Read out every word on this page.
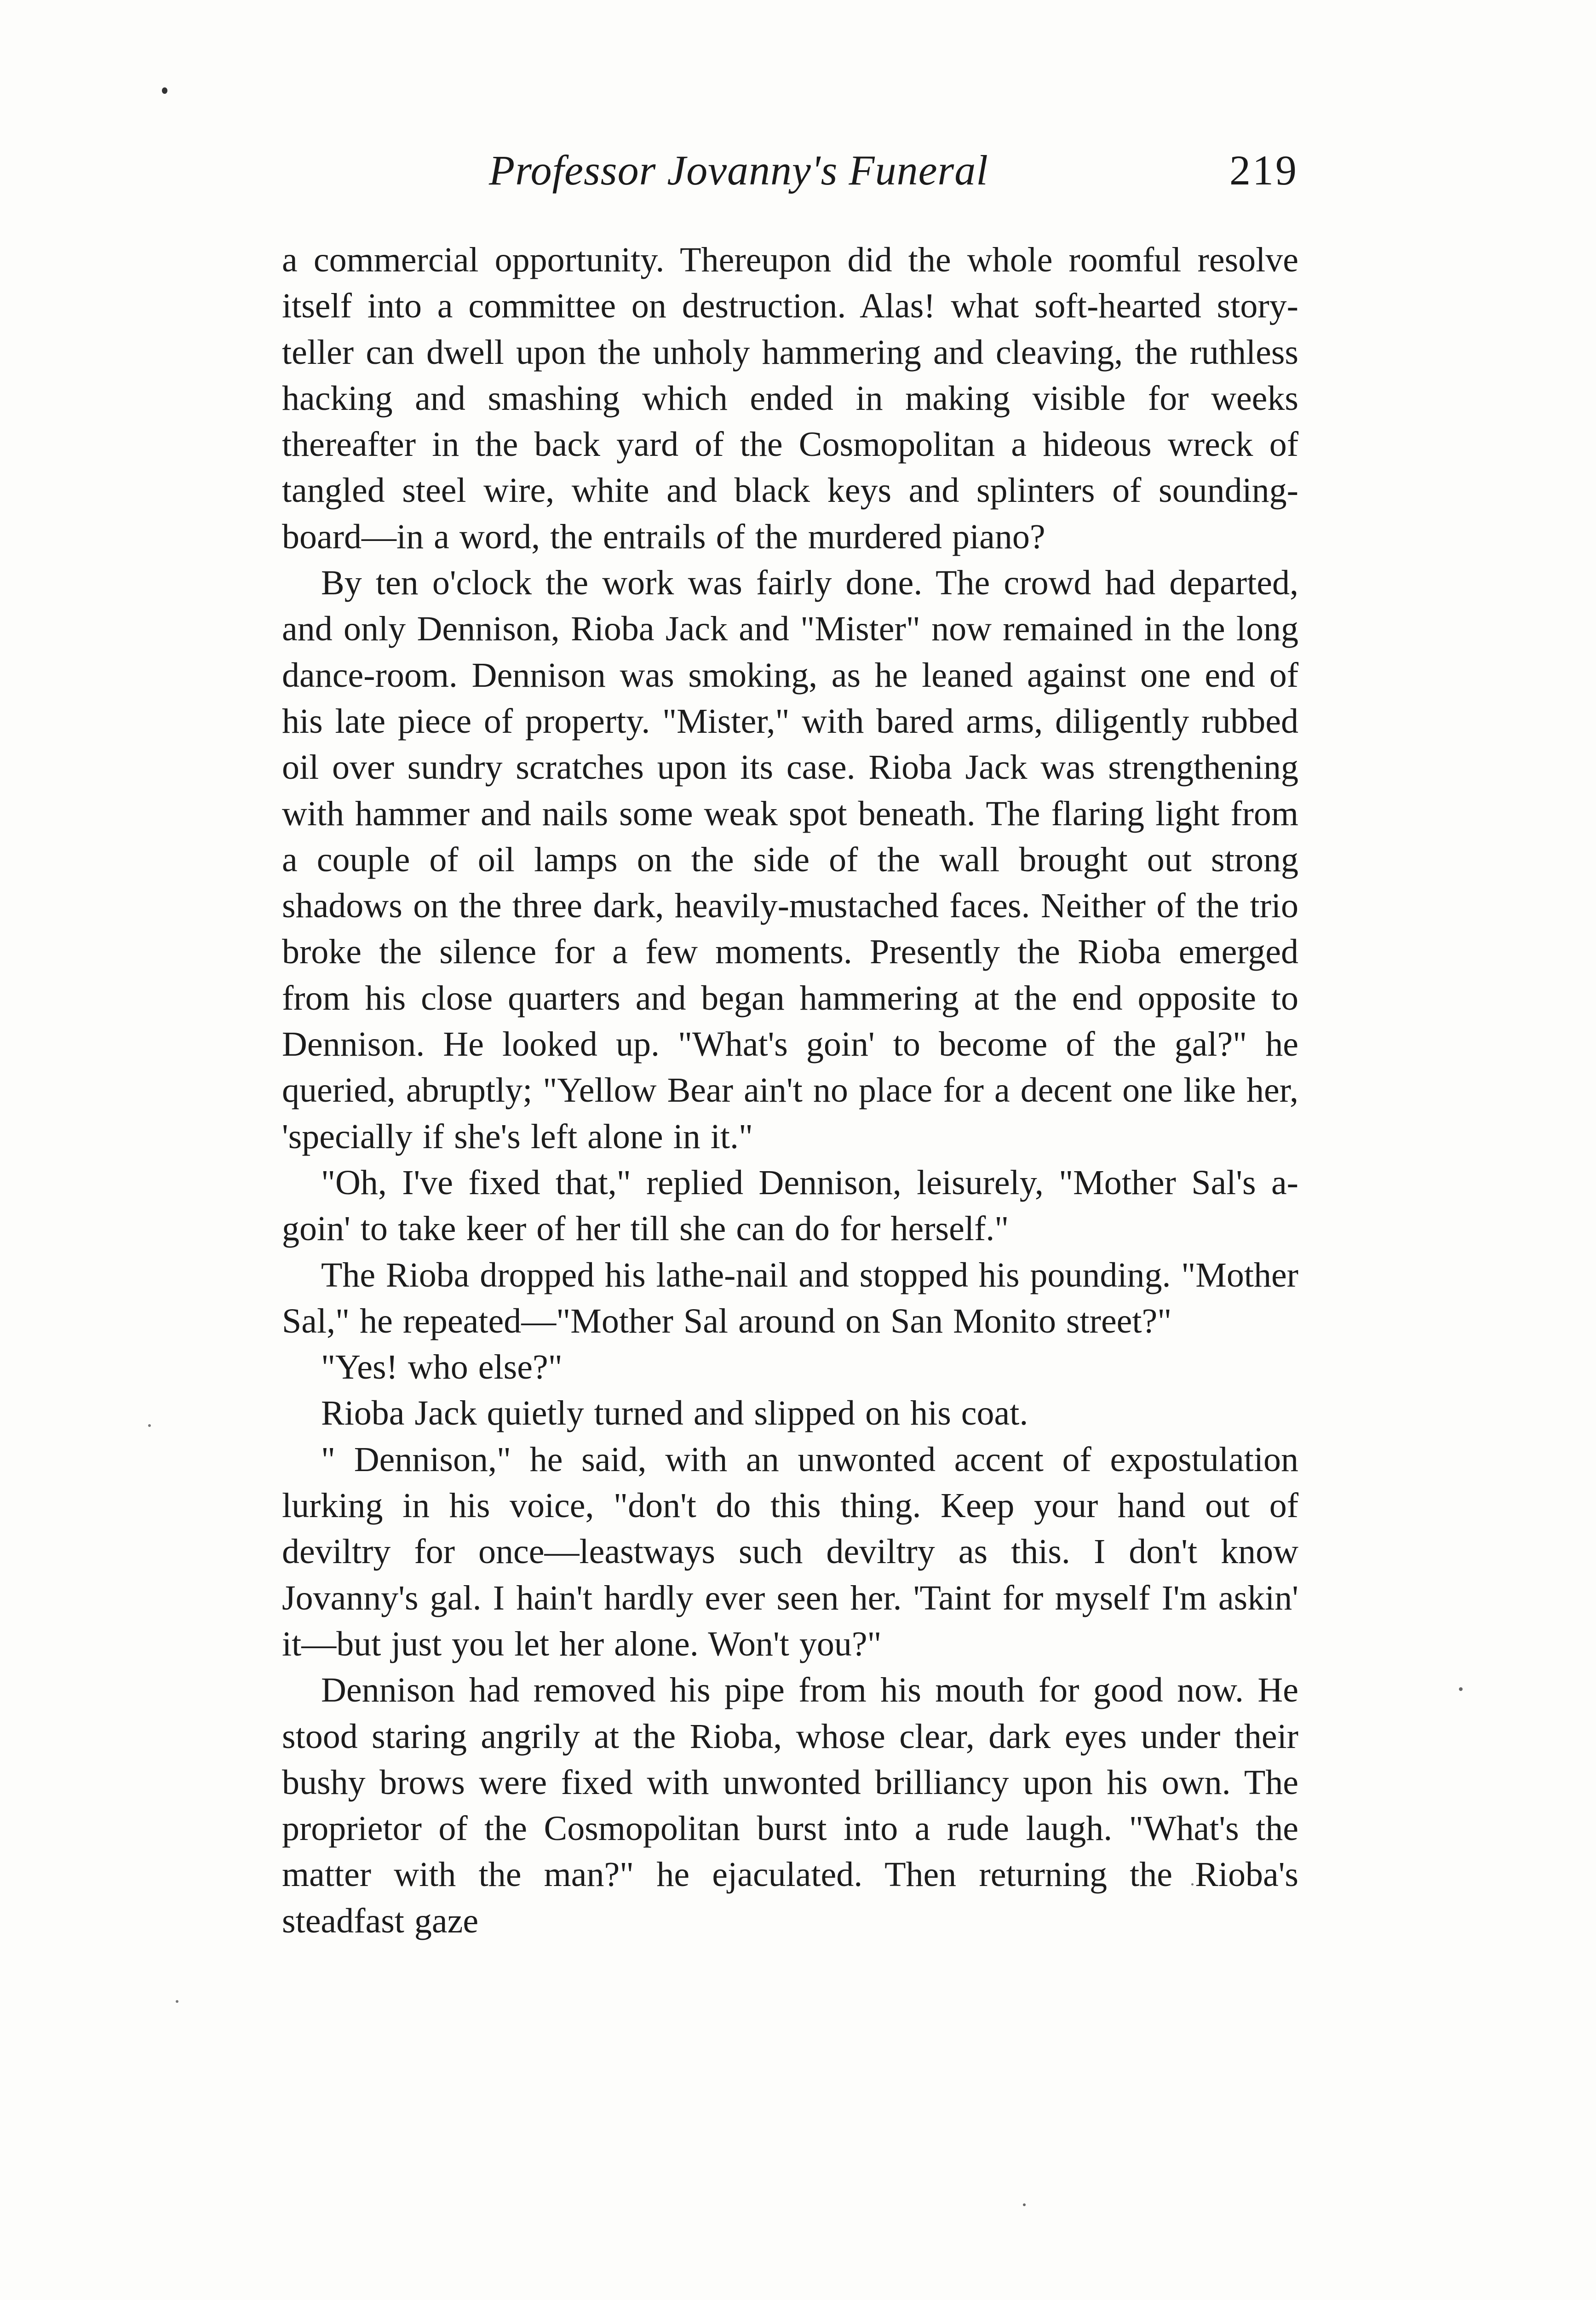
Professor Jovanny's Funeral	219

a commercial opportunity. Thereupon did the whole roomful resolve itself into a committee on destruction. Alas! what soft-hearted story-teller can dwell upon the unholy hammering and cleaving, the ruthless hacking and smashing which ended in making visible for weeks thereafter in the back yard of the Cosmopolitan a hideous wreck of tangled steel wire, white and black keys and splinters of sounding-board—in a word, the entrails of the murdered piano?

By ten o'clock the work was fairly done. The crowd had departed, and only Dennison, Rioba Jack and "Mister" now remained in the long dance-room. Dennison was smoking, as he leaned against one end of his late piece of property. "Mister," with bared arms, diligently rubbed oil over sundry scratches upon its case. Rioba Jack was strengthening with hammer and nails some weak spot beneath. The flaring light from a couple of oil lamps on the side of the wall brought out strong shadows on the three dark, heavily-mustached faces. Neither of the trio broke the silence for a few moments. Presently the Rioba emerged from his close quarters and began hammering at the end opposite to Dennison. He looked up. "What's goin' to become of the gal?" he queried, abruptly; "Yellow Bear ain't no place for a decent one like her, 'specially if she's left alone in it."

"Oh, I've fixed that," replied Dennison, leisurely, "Mother Sal's a-goin' to take keer of her till she can do for herself."

The Rioba dropped his lathe-nail and stopped his pounding. "Mother Sal," he repeated—"Mother Sal around on San Monito street?"

"Yes! who else?"

Rioba Jack quietly turned and slipped on his coat.

" Dennison," he said, with an unwonted accent of expostulation lurking in his voice, "don't do this thing. Keep your hand out of deviltry for once—leastways such deviltry as this. I don't know Jovanny's gal. I hain't hardly ever seen her. 'Taint for myself I'm askin' it—but just you let her alone. Won't you?"

Dennison had removed his pipe from his mouth for good now. He stood staring angrily at the Rioba, whose clear, dark eyes under their bushy brows were fixed with unwonted brilliancy upon his own. The proprietor of the Cosmopolitan burst into a rude laugh. "What's the matter with the man?" he ejaculated. Then returning the Rioba's steadfast gaze
